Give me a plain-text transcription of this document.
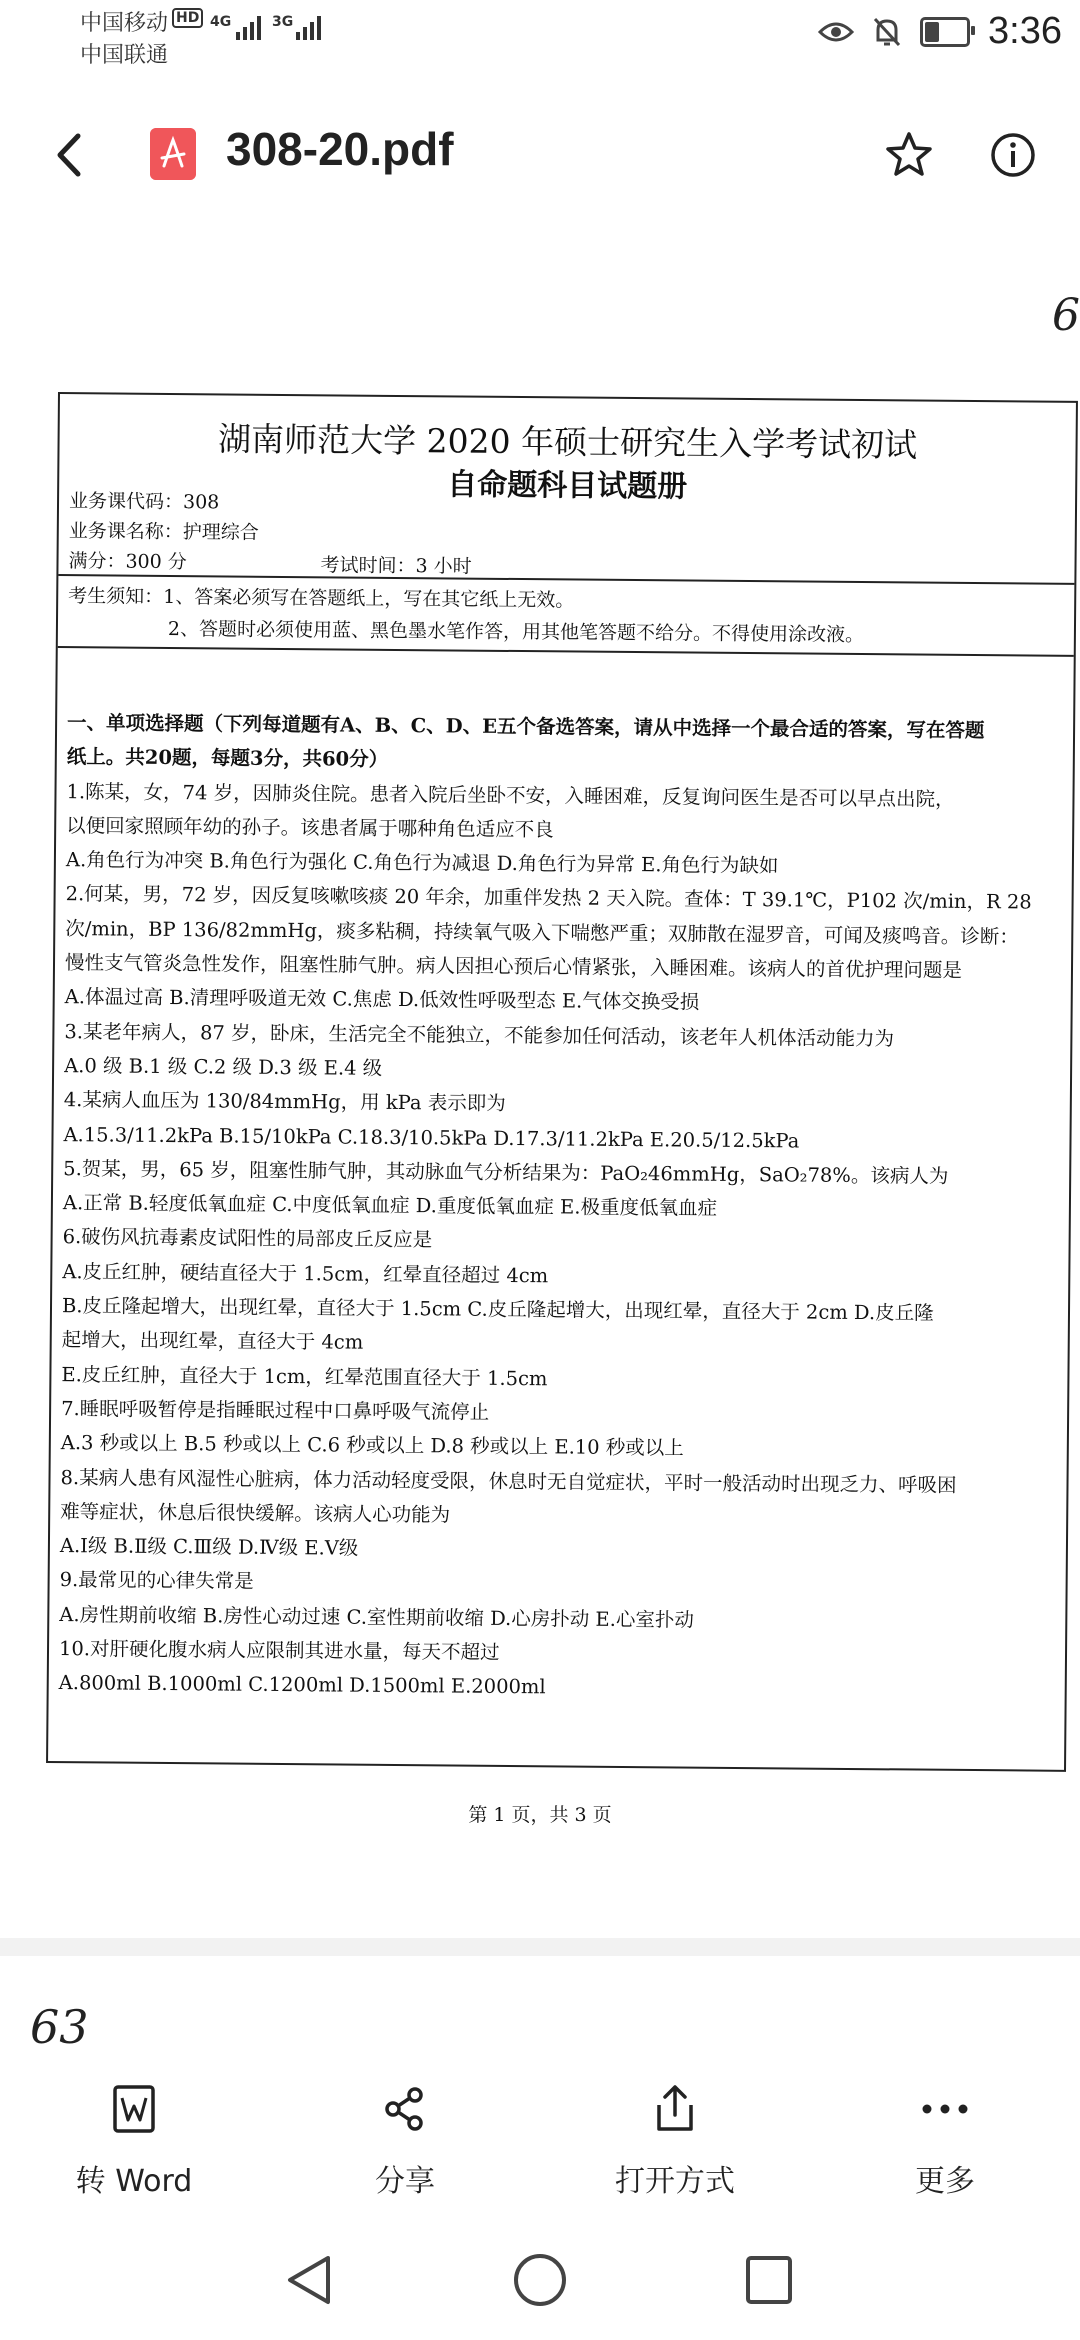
中国移动 HD
中国联通
4G	3G	3:36
308-20.pdf
6
湖南师范大学 2020 年硕士研究生入学考试初试
自命题科目试题册
业务课代码：308
业务课名称：护理综合
满分：300 分	考试时间：3 小时
考生须知：1、答案必须写在答题纸上，写在其它纸上无效。
2、答题时必须使用蓝、黑色墨水笔作答，用其他笔答题不给分。不得使用涂改液。

一、单项选择题（下列每道题有A、B、C、D、E五个备选答案，请从中选择一个最合适的答案，写在答题

纸上。共20题，每题3分，共60分）

1.陈某，女，74 岁，因肺炎住院。患者入院后坐卧不安，入睡困难，反复询问医生是否可以早点出院，

以便回家照顾年幼的孙子。该患者属于哪种角色适应不良

A.角色行为冲突 B.角色行为强化 C.角色行为减退 D.角色行为异常 E.角色行为缺如

2.何某，男，72 岁，因反复咳嗽咳痰 20 年余，加重伴发热 2 天入院。查体：T 39.1℃，P102 次/min，R 28

次/min，BP 136/82mmHg，痰多粘稠，持续氧气吸入下喘憋严重；双肺散在湿罗音，可闻及痰鸣音。诊断：

慢性支气管炎急性发作，阻塞性肺气肿。病人因担心预后心情紧张，入睡困难。该病人的首优护理问题是

A.体温过高 B.清理呼吸道无效 C.焦虑 D.低效性呼吸型态 E.气体交换受损

3.某老年病人，87 岁，卧床，生活完全不能独立，不能参加任何活动，该老年人机体活动能力为

A.0 级 B.1 级 C.2 级 D.3 级 E.4 级

4.某病人血压为 130/84mmHg，用 kPa 表示即为

A.15.3/11.2kPa B.15/10kPa C.18.3/10.5kPa D.17.3/11.2kPa E.20.5/12.5kPa

5.贺某，男，65 岁，阻塞性肺气肿，其动脉血气分析结果为：PaO₂46mmHg，SaO₂78%。该病人为

A.正常 B.轻度低氧血症 C.中度低氧血症 D.重度低氧血症 E.极重度低氧血症

6.破伤风抗毒素皮试阳性的局部皮丘反应是

A.皮丘红肿，硬结直径大于 1.5cm，红晕直径超过 4cm

B.皮丘隆起增大，出现红晕，直径大于 1.5cm C.皮丘隆起增大，出现红晕，直径大于 2cm D.皮丘隆

起增大，出现红晕，直径大于 4cm

E.皮丘红肿，直径大于 1cm，红晕范围直径大于 1.5cm

7.睡眠呼吸暂停是指睡眠过程中口鼻呼吸气流停止

A.3 秒或以上 B.5 秒或以上 C.6 秒或以上 D.8 秒或以上 E.10 秒或以上

8.某病人患有风湿性心脏病，体力活动轻度受限，休息时无自觉症状，平时一般活动时出现乏力、呼吸困

难等症状，休息后很快缓解。该病人心功能为

A.Ⅰ级 B.Ⅱ级 C.Ⅲ级 D.Ⅳ级 E.Ⅴ级

9.最常见的心律失常是

A.房性期前收缩 B.房性心动过速 C.室性期前收缩 D.心房扑动 E.心室扑动

10.对肝硬化腹水病人应限制其进水量，每天不超过

A.800ml B.1000ml C.1200ml D.1500ml E.2000ml

第 1 页，共 3 页
63
转 Word	分享	打开方式	更多
